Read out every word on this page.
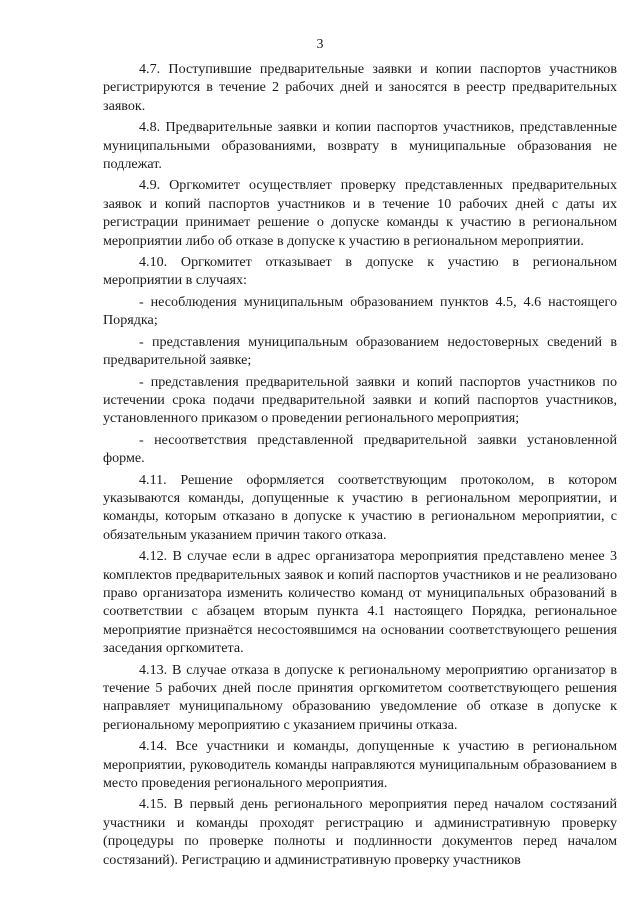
3

4.7. Поступившие предварительные заявки и копии паспортов участников регистрируются в течение 2 рабочих дней и заносятся в реестр предварительных заявок.

4.8. Предварительные заявки и копии паспортов участников, представленные муниципальными образованиями, возврату в муниципальные образования не подлежат.

4.9. Оргкомитет осуществляет проверку представленных предварительных заявок и копий паспортов участников и в течение 10 рабочих дней с даты их регистрации принимает решение о допуске команды к участию в региональном мероприятии либо об отказе в допуске к участию в региональном мероприятии.

4.10. Оргкомитет отказывает в допуске к участию в региональном мероприятии в случаях:

- несоблюдения муниципальным образованием пунктов 4.5, 4.6 настоящего Порядка;

- представления муниципальным образованием недостоверных сведений в предварительной заявке;

- представления предварительной заявки и копий паспортов участников по истечении срока подачи предварительной заявки и копий паспортов участников, установленного приказом о проведении регионального мероприятия;

- несоответствия представленной предварительной заявки установленной форме.

4.11. Решение оформляется соответствующим протоколом, в котором указываются команды, допущенные к участию в региональном мероприятии, и команды, которым отказано в допуске к участию в региональном мероприятии, с обязательным указанием причин такого отказа.

4.12. В случае если в адрес организатора мероприятия представлено менее 3 комплектов предварительных заявок и копий паспортов участников и не реализовано право организатора изменить количество команд от муниципальных образований в соответствии с абзацем вторым пункта 4.1 настоящего Порядка, региональное мероприятие признаётся несостоявшимся на основании соответствующего решения заседания оргкомитета.

4.13. В случае отказа в допуске к региональному мероприятию организатор в течение 5 рабочих дней после принятия оргкомитетом соответствующего решения направляет муниципальному образованию уведомление об отказе в допуске к региональному мероприятию с указанием причины отказа.

4.14. Все участники и команды, допущенные к участию в региональном мероприятии, руководитель команды направляются муниципальным образованием в место проведения регионального мероприятия.

4.15. В первый день регионального мероприятия перед началом состязаний участники и команды проходят регистрацию и административную проверку (процедуры по проверке полноты и подлинности документов перед началом состязаний). Регистрацию и административную проверку участников
